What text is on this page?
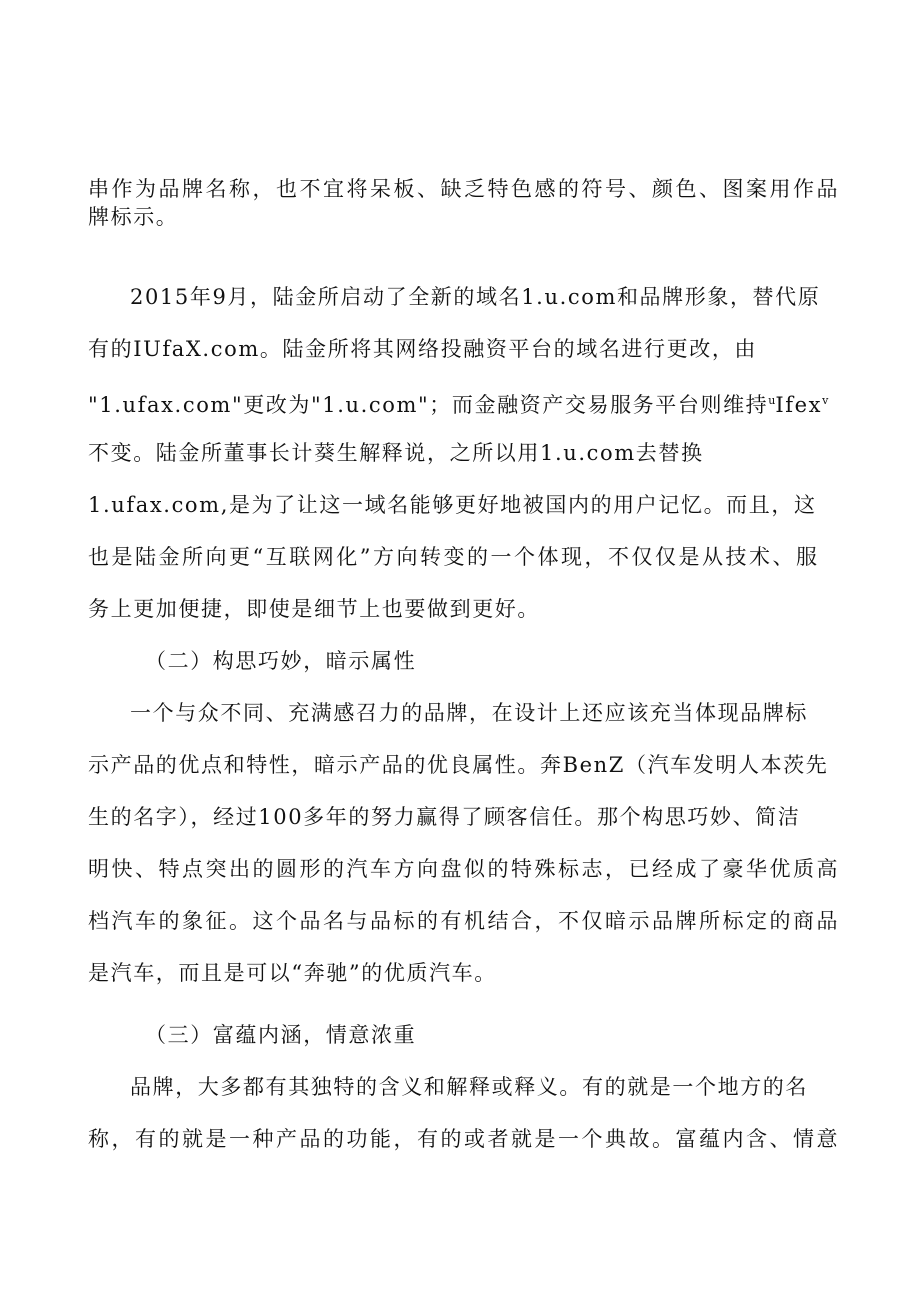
串作为品牌名称，也不宜将呆板、缺乏特色感的符号、颜色、图案用作品
牌标示。
2015年9月，陆金所启动了全新的域名1.u.com和品牌形象，替代原
有的IUfaX.com。陆金所将其网络投融资平台的域名进行更改，由
"1.ufax.com"更改为"1.u.com"；而金融资产交易服务平台则维持$^u$Ifex$^v$
不变。陆金所董事长计葵生解释说，之所以用1.u.com去替换
1.ufax.com,是为了让这一域名能够更好地被国内的用户记忆。而且，这
也是陆金所向更“互联网化”方向转变的一个体现，不仅仅是从技术、服
务上更加便捷，即使是细节上也要做到更好。
（二）构思巧妙，暗示属性
一个与众不同、充满感召力的品牌，在设计上还应该充当体现品牌标
示产品的优点和特性，暗示产品的优良属性。奔BenZ（汽车发明人本茨先
生的名字），经过100多年的努力赢得了顾客信任。那个构思巧妙、简洁
明快、特点突出的圆形的汽车方向盘似的特殊标志，已经成了豪华优质高
档汽车的象征。这个品名与品标的有机结合，不仅暗示品牌所标定的商品
是汽车，而且是可以“奔驰”的优质汽车。
（三）富蕴内涵，情意浓重
品牌，大多都有其独特的含义和解释或释义。有的就是一个地方的名
称，有的就是一种产品的功能，有的或者就是一个典故。富蕴内含、情意
